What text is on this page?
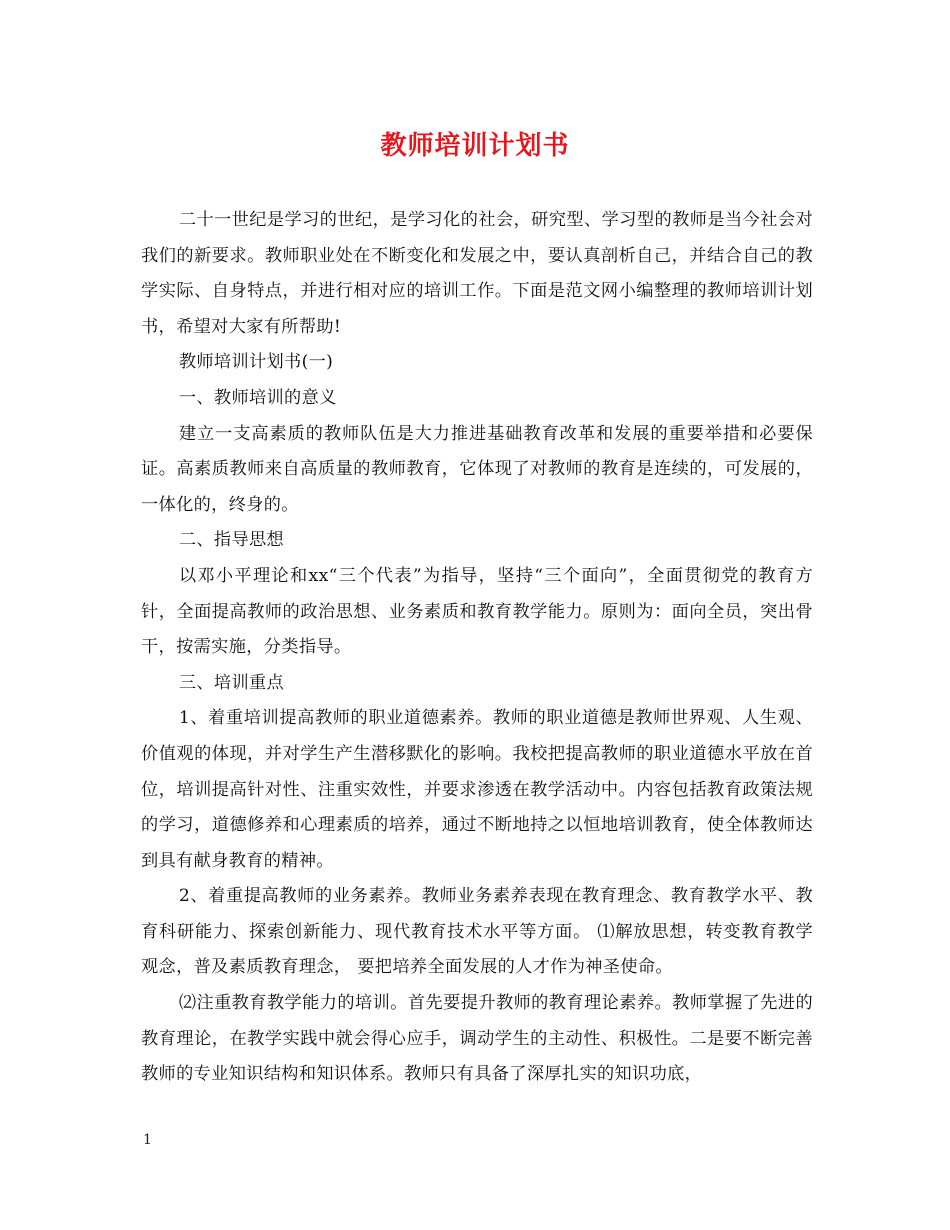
教师培训计划书

二十一世纪是学习的世纪，是学习化的社会，研究型、学习型的教师是当今社会对我们的新要求。教师职业处在不断变化和发展之中，要认真剖析自己，并结合自己的教学实际、自身特点，并进行相对应的培训工作。下面是范文网小编整理的教师培训计划书，希望对大家有所帮助!

教师培训计划书(一)

一、教师培训的意义

建立一支高素质的教师队伍是大力推进基础教育改革和发展的重要举措和必要保证。高素质教师来自高质量的教师教育，它体现了对教师的教育是连续的，可发展的，一体化的，终身的。

二、指导思想

以邓小平理论和xx“三个代表”为指导，坚持“三个面向”，全面贯彻党的教育方针，全面提高教师的政治思想、业务素质和教育教学能力。原则为：面向全员，突出骨干，按需实施，分类指导。

三、培训重点

1、着重培训提高教师的职业道德素养。教师的职业道德是教师世界观、人生观、价值观的体现，并对学生产生潜移默化的影响。我校把提高教师的职业道德水平放在首位，培训提高针对性、注重实效性，并要求渗透在教学活动中。内容包括教育政策法规的学习，道德修养和心理素质的培养，通过不断地持之以恒地培训教育，使全体教师达到具有献身教育的精神。

2、着重提高教师的业务素养。教师业务素养表现在教育理念、教育教学水平、教育科研能力、探索创新能力、现代教育技术水平等方面。 ⑴解放思想，转变教育教学观念，普及素质教育理念， 要把培养全面发展的人才作为神圣使命。

⑵注重教育教学能力的培训。首先要提升教师的教育理论素养。教师掌握了先进的教育理论，在教学实践中就会得心应手，调动学生的主动性、积极性。二是要不断完善教师的专业知识结构和知识体系。教师只有具备了深厚扎实的知识功底，

1
